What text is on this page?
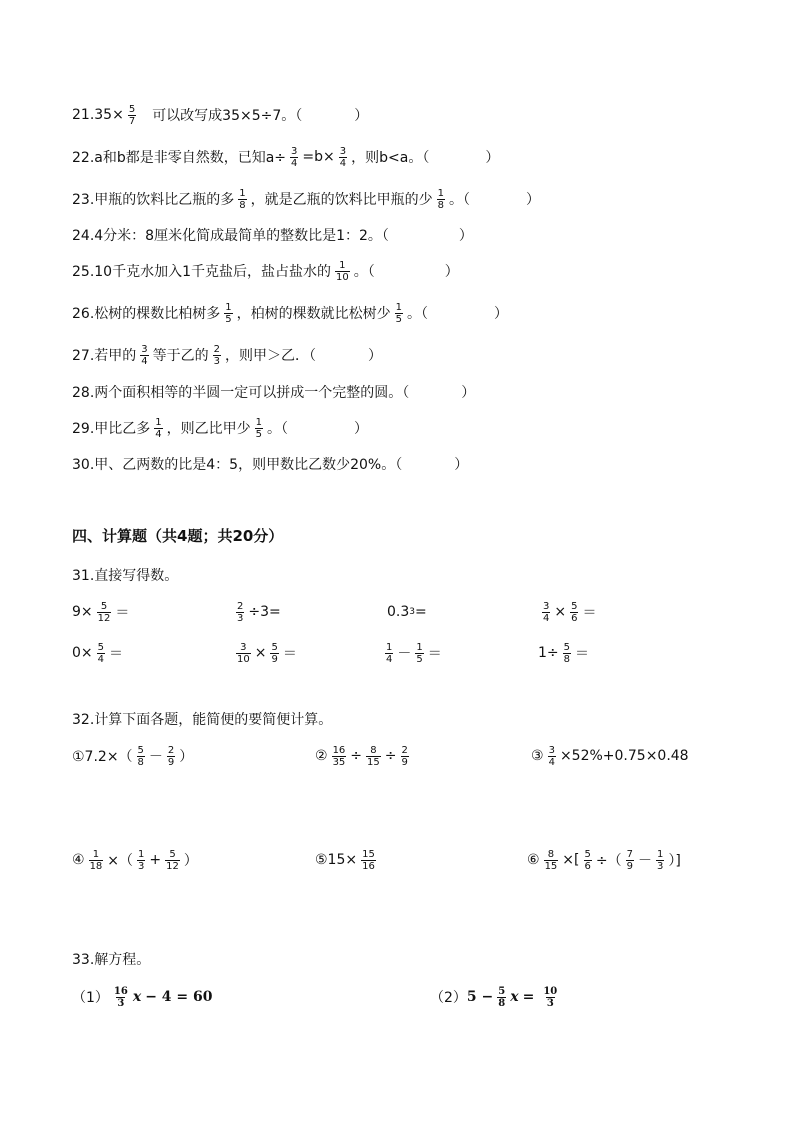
$21.35\times \frac{5}{7}$ 可以改写成35×5÷7。（	）
22.a和b都是非零自然数，已知$a\div \frac{3}{4} =b\times \frac{3}{4}$ ，则b<a。（	）
23.甲瓶的饮料比乙瓶的多 $\frac{1}{8}$ ，就是乙瓶的饮料比甲瓶的少 $\frac{1}{8}$ 。（	）
24.4分米：8厘米化简成最简单的整数比是1：2。（	）
25.10千克水加入1千克盐后，盐占盐水的 $\frac{1}{10}$ 。（	）
26.松树的棵数比柏树多 $\frac{1}{5}$ ，柏树的棵数就比松树少 $\frac{1}{5}$ 。（	）
27.若甲的 $\frac{3}{4}$ 等于乙的 $\frac{2}{3}$ ，则甲＞乙．（	）
28.两个面积相等的半圆一定可以拼成一个完整的圆。（	）
29.甲比乙多 $\frac{1}{4}$ ，则乙比甲少 $\frac{1}{5}$ 。（	）
30.甲、乙两数的比是4：5，则甲数比乙数少20%。（	）
四、计算题（共4题；共20分）
31.直接写得数。
$9\times \frac{5}{12}$ ＝	$\frac{2}{3} \div 3=$	0.3 3 =	$\frac{3}{4} \times \frac{5}{6}$ ＝
$0\times \frac{5}{4}$ ＝	$\frac{3}{10} \times \frac{5}{9}$ ＝	$\frac{1}{4} - \frac{1}{5}$ ＝	$1\div \frac{5}{8}$ ＝
32.计算下面各题，能简便的要简便计算。
①7.2×（ $\frac{5}{8} - \frac{2}{9}$ ）	② $\frac{16}{35} \div \frac{8}{15} \div \frac{2}{9}$	③ $\frac{3}{4} \times 52\%+0.75\times 0.48$
④ $\frac{1}{18}$ ×（ $\frac{1}{3} + \frac{5}{12}$ ）	⑤15× $\frac{15}{16}$	⑥ $\frac{8}{15}$ ×[ $\frac{5}{6}$ ÷（ $\frac{7}{9} - \frac{1}{3}$ ）]
33.解方程。
$(1) \frac{16}{3}$ x − 4 = 60	（2） $5 - \frac{5}{8}$ $x = \frac{10}{3}$
